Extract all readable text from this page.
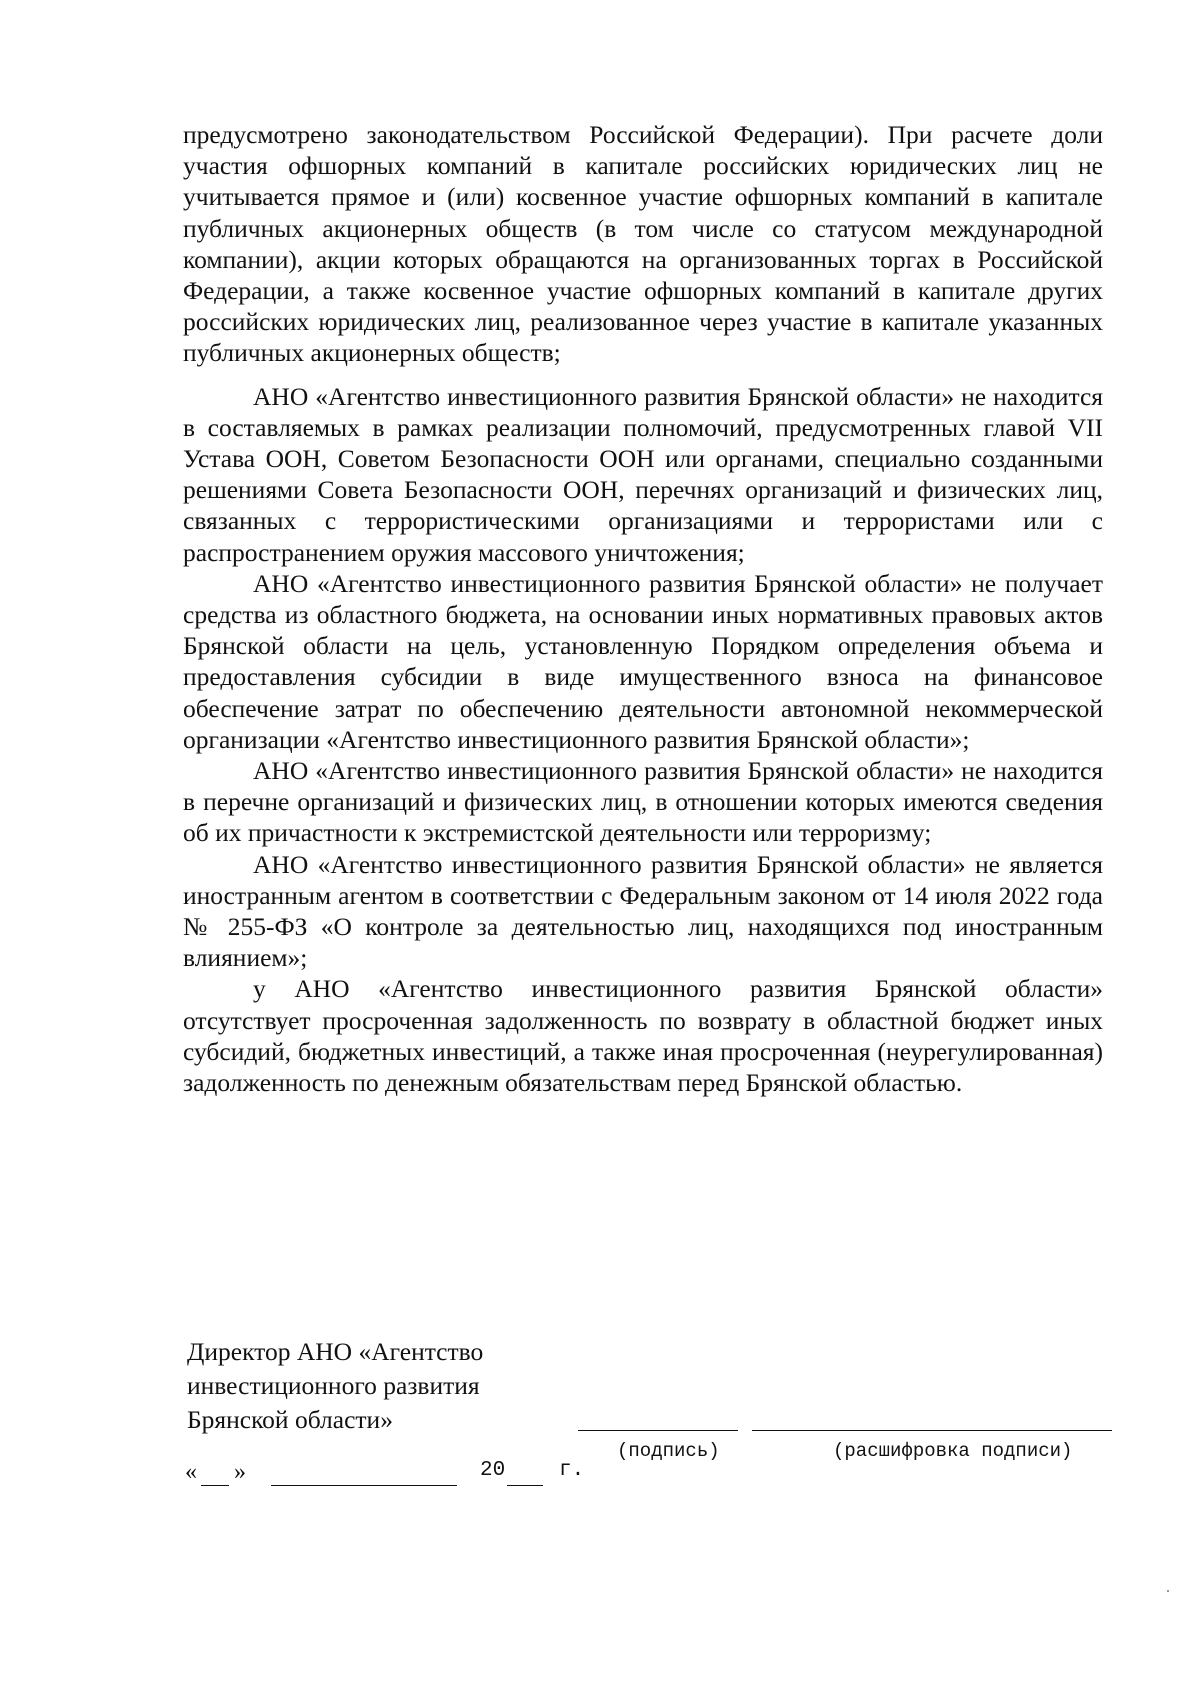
предусмотрено законодательством Российской Федерации). При расчете доли участия офшорных компаний в капитале российских юридических лиц не учитывается прямое и (или) косвенное участие офшорных компаний в капитале публичных акционерных обществ (в том числе со статусом международной компании), акции которых обращаются на организованных торгах в Российской Федерации, а также косвенное участие офшорных компаний в капитале других российских юридических лиц, реализованное через участие в капитале указанных публичных акционерных обществ;

АНО «Агентство инвестиционного развития Брянской области» не находится в составляемых в рамках реализации полномочий, предусмотренных главой VII Устава ООН, Советом Безопасности ООН или органами, специально созданными решениями Совета Безопасности ООН, перечнях организаций и физических лиц, связанных с террористическими организациями и террористами или с распространением оружия массового уничтожения;

АНО «Агентство инвестиционного развития Брянской области» не получает средства из областного бюджета, на основании иных нормативных правовых актов Брянской области на цель, установленную Порядком определения объема и предоставления субсидии в виде имущественного взноса на финансовое обеспечение затрат по обеспечению деятельности автономной некоммерческой организации «Агентство инвестиционного развития Брянской области»;

АНО «Агентство инвестиционного развития Брянской области» не находится в перечне организаций и физических лиц, в отношении которых имеются сведения об их причастности к экстремистской деятельности или терроризму;

АНО «Агентство инвестиционного развития Брянской области» не является иностранным агентом в соответствии с Федеральным законом от 14 июля 2022 года № 255-ФЗ «О контроле за деятельностью лиц, находящихся под иностранным влиянием»;

у АНО «Агентство инвестиционного развития Брянской области» отсутствует просроченная задолженность по возврату в областной бюджет иных субсидий, бюджетных инвестиций, а также иная просроченная (неурегулированная) задолженность по денежным обязательствам перед Брянской областью.

Директор АНО «Агентство
инвестиционного развития
Брянской области»
(подпись)	(расшифровка подписи)
« »	20	г.
